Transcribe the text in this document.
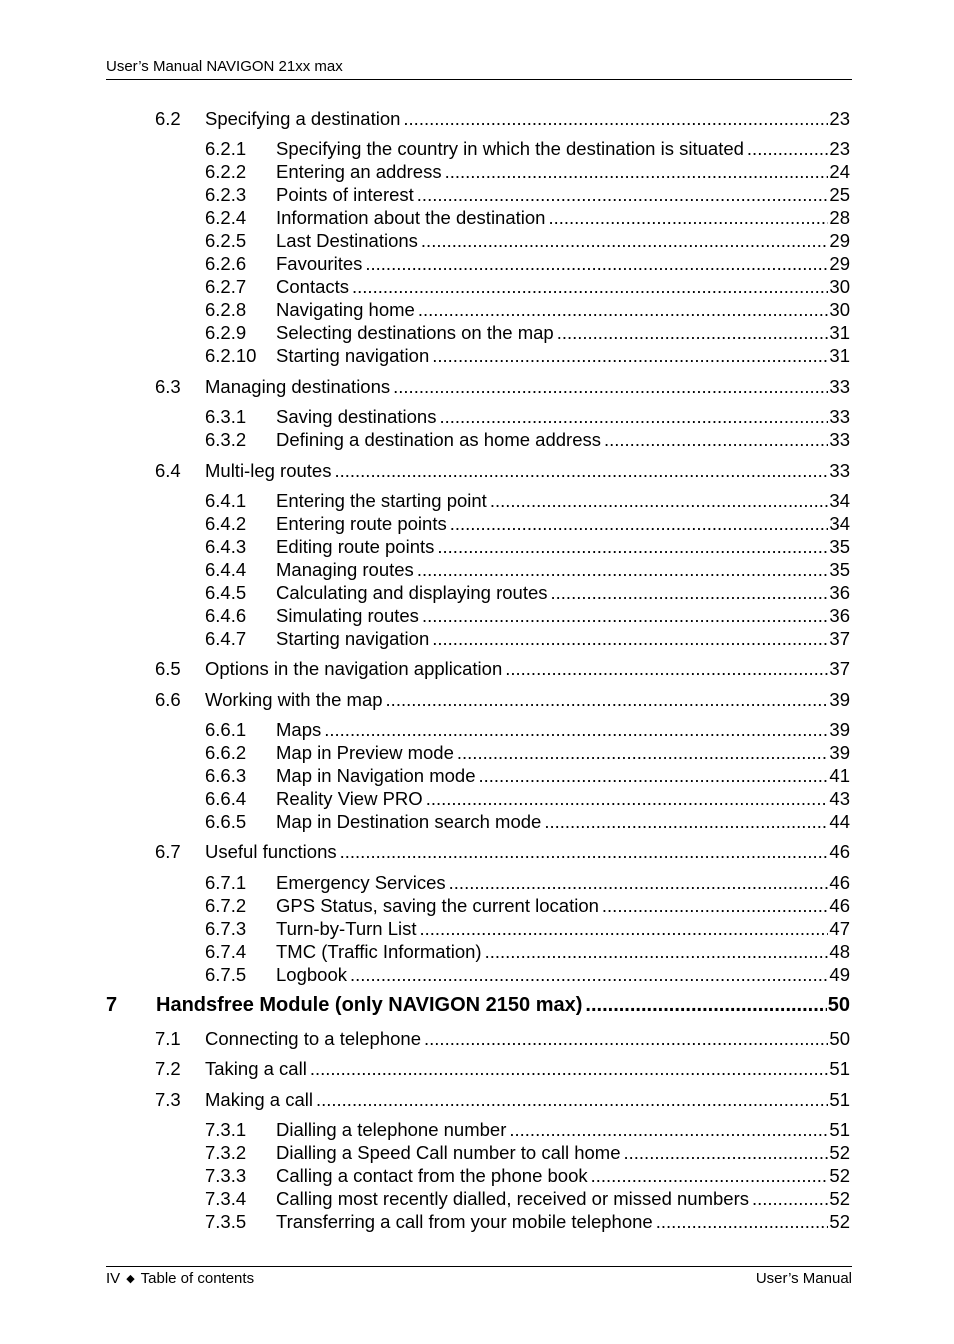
User’s Manual NAVIGON 21xx max
6.2	Specifying a destination .....	23
6.2.1	Specifying the country in which the destination is situated .....	23
6.2.2	Entering an address .....	24
6.2.3	Points of interest .....	25
6.2.4	Information about the destination .....	28
6.2.5	Last Destinations .....	29
6.2.6	Favourites .....	29
6.2.7	Contacts .....	30
6.2.8	Navigating home .....	30
6.2.9	Selecting destinations on the map .....	31
6.2.10	Starting navigation .....	31
6.3	Managing destinations .....	33
6.3.1	Saving destinations .....	33
6.3.2	Defining a destination as home address .....	33
6.4	Multi-leg routes .....	33
6.4.1	Entering the starting point .....	34
6.4.2	Entering route points .....	34
6.4.3	Editing route points .....	35
6.4.4	Managing routes .....	35
6.4.5	Calculating and displaying routes .....	36
6.4.6	Simulating routes .....	36
6.4.7	Starting navigation .....	37
6.5	Options in the navigation application .....	37
6.6	Working with the map .....	39
6.6.1	Maps .....	39
6.6.2	Map in Preview mode .....	39
6.6.3	Map in Navigation mode .....	41
6.6.4	Reality View PRO .....	43
6.6.5	Map in Destination search mode .....	44
6.7	Useful functions .....	46
6.7.1	Emergency Services .....	46
6.7.2	GPS Status, saving the current location .....	46
6.7.3	Turn-by-Turn List .....	47
6.7.4	TMC (Traffic Information) .....	48
6.7.5	Logbook .....	49
7	Handsfree Module (only NAVIGON 2150 max) .....	50
7.1	Connecting to a telephone .....	50
7.2	Taking a call .....	51
7.3	Making a call .....	51
7.3.1	Dialling a telephone number .....	51
7.3.2	Dialling a Speed Call number to call home .....	52
7.3.3	Calling a contact from the phone book .....	52
7.3.4	Calling most recently dialled, received or missed numbers .....	52
7.3.5	Transferring a call from your mobile telephone .....	52
IV ◆ Table of contents	User’s Manual
